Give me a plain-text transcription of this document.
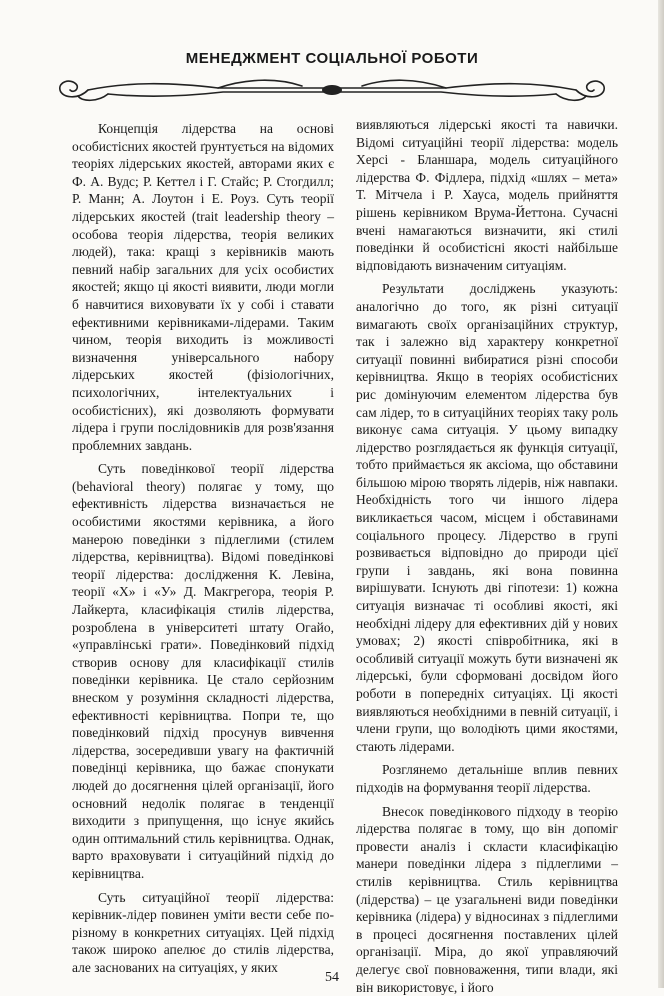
МЕНЕДЖМЕНТ СОЦІАЛЬНОЇ РОБОТИ

Концепція лідерства на основі особистісних якостей ґрунтується на відомих теоріях лідерських якостей, авторами яких є Ф. А. Вудс; Р. Кеттел і Г. Стайс; Р. Стогдилл; Р. Манн; А. Лоутон і Е. Роуз. Суть теорії лідерських якостей (trait leadership theory – особова теорія лідерства, теорія великих людей), така: кращі з керівників мають певний набір загальних для усіх особистих якостей; якщо ці якості виявити, люди могли б навчитися виховувати їх у собі і ставати ефективними керівниками-лідерами. Таким чином, теорія виходить із можливості визначення універсального набору лідерських якостей (фізіологічних, психологічних, інтелектуальних і особистісних), які дозволяють формувати лідера і групи послідовників для розв'язання проблемних завдань.

Суть поведінкової теорії лідерства (behavioral theory) полягає у тому, що ефективність лідерства визначається не особистими якостями керівника, а його манерою поведінки з підлеглими (стилем лідерства, керівництва). Відомі поведінкові теорії лідерства: дослідження К. Левіна, теорії «Х» і «У» Д. Макгрегора, теорія Р. Лайкерта, класифікація стилів лідерства, розроблена в університеті штату Огайо, «управлінські грати». Поведінковий підхід створив основу для класифікації стилів поведінки керівника. Це стало серйозним внеском у розуміння складності лідерства, ефективності керівництва. Попри те, що поведінковий підхід просунув вивчення лідерства, зосередивши увагу на фактичній поведінці керівника, що бажає спонукати людей до досягнення цілей організації, його основний недолік полягає в тенденції виходити з припущення, що існує якийсь один оптимальний стиль керівництва. Однак, варто враховувати і ситуаційний підхід до керівництва.

Суть ситуаційної теорії лідерства: керівник-лідер повинен уміти вести себе по-різному в конкретних ситуаціях. Цей підхід також широко апелює до стилів лідерства, але заснованих на ситуаціях, у яких

виявляються лідерські якості та навички. Відомі ситуаційні теорії лідерства: модель Херсі - Бланшара, модель ситуаційного лідерства Ф. Фідлера, підхід «шлях – мета» Т. Мітчела і Р. Хауса, модель прийняття рішень керівником Врума-Йеттона. Сучасні вчені намагаються визначити, які стилі поведінки й особистісні якості найбільше відповідають визначеним ситуаціям.

Результати досліджень указують: аналогічно до того, як різні ситуації вимагають своїх організаційних структур, так і залежно від характеру конкретної ситуації повинні вибиратися різні способи керівництва. Якщо в теоріях особистісних рис домінуючим елементом лідерства був сам лідер, то в ситуаційних теоріях таку роль виконує сама ситуація. У цьому випадку лідерство розглядається як функція ситуації, тобто приймається як аксіома, що обставини більшою мірою творять лідерів, ніж навпаки. Необхідність того чи іншого лідера викликається часом, місцем і обставинами соціального процесу. Лідерство в групі розвивається відповідно до природи цієї групи і завдань, які вона повинна вирішувати. Існують дві гіпотези: 1) кожна ситуація визначає ті особливі якості, які необхідні лідеру для ефективних дій у нових умовах; 2) якості співробітника, які в особливій ситуації можуть бути визначені як лідерські, були сформовані досвідом його роботи в попередніх ситуаціях. Ці якості виявляються необхідними в певній ситуації, і члени групи, що володіють цими якостями, стають лідерами.

Розглянемо детальніше вплив певних підходів на формування теорії лідерства.

Внесок поведінкового підходу в теорію лідерства полягає в тому, що він допоміг провести аналіз і скласти класифікацію манери поведінки лідера з підлеглими – стилів керівництва. Стиль керівництва (лідерства) – це узагальнені види поведінки керівника (лідера) у відносинах з підлеглими в процесі досягнення поставлених цілей організації. Міра, до якої управляючий делегує свої повноваження, типи влади, які він використовує, і його

54
